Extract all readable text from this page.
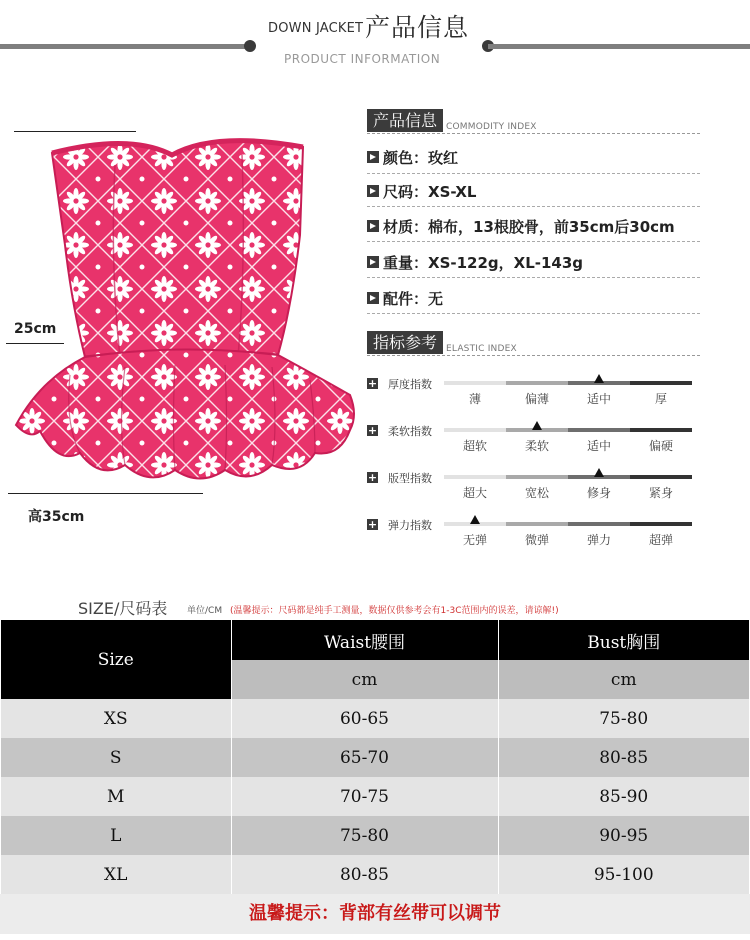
DOWN JACKET 产品信息
PRODUCT INFORMATION
25cm
高35cm
产品信息	COMMODITY INDEX
颜色：玫红
尺码：XS-XL
材质：棉布，13根胶骨，前35cm后30cm
重量：XS-122g，XL-143g
配件：无
指标参考	ELASTIC INDEX
+ 厚度指数
薄	偏薄	适中	厚
+ 柔软指数
超软	柔软	适中	偏硬
+ 版型指数
超大	宽松	修身	紧身
+ 弹力指数
无弹	微弹	弹力	超弹
SIZE/尺码表 单位/CM (温馨提示：尺码都是纯手工测量，数据仅供参考会有1-3C范围内的误差，请谅解!)
Size	Waist腰围	Bust胸围
	cm	cm
XS	60-65	75-80
S	65-70	80-85
M	70-75	85-90
L	75-80	90-95
XL	80-85	95-100
温馨提示：背部有丝带可以调节
